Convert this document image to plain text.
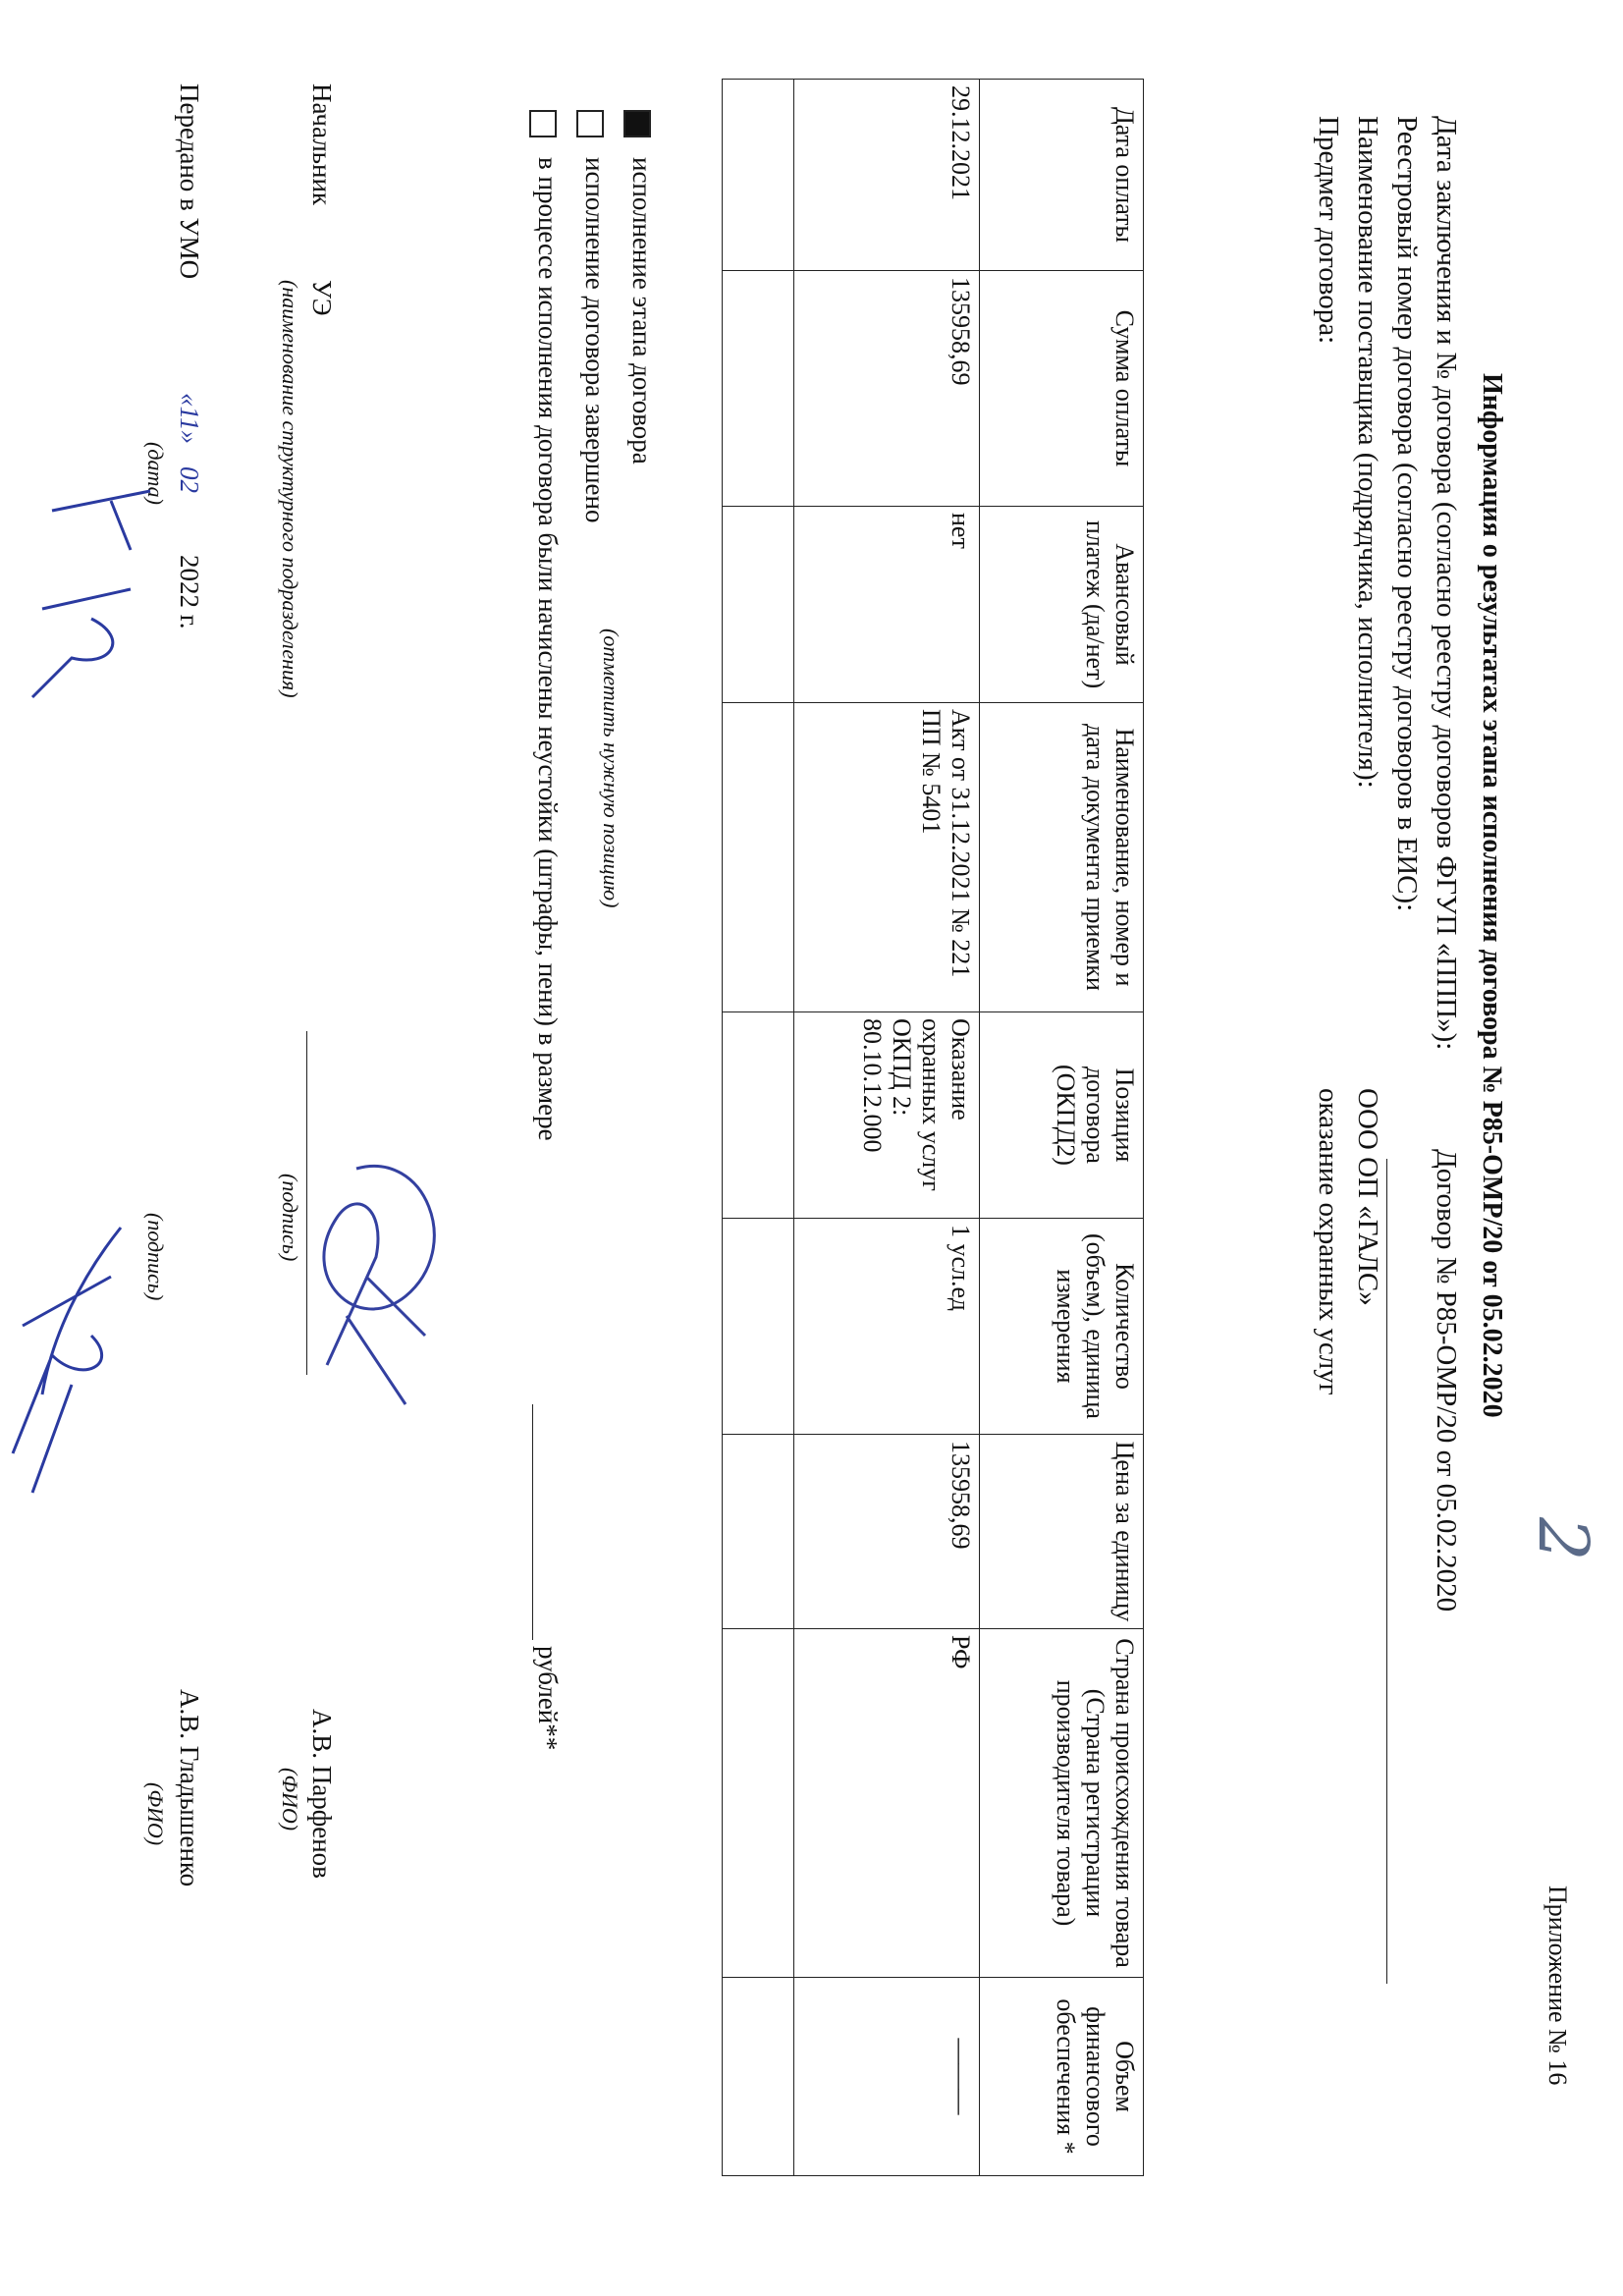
Приложение № 16
2
Информация о результатах этапа исполнения договора № Р85-ОМР/20 от 05.02.2020
Дата заключения и № договора (согласно реестру договоров ФГУП «ППП»):
Договор № Р85-ОМР/20 от 05.02.2020
Реестровый номер договора (согласно реестру договоров в ЕИС):
Наименование поставщика (подрядчика, исполнителя):
ООО ОП «ГАЛС»
Предмет договора:
оказание охранных услуг
Дата оплаты	Сумма оплаты	Авансовый платеж (да/нет)	Наименование, номер и дата документа приемки	Позиция договора (ОКПД2)	Количество (объем), единица измерения	Цена за единицу	Страна происхождения товара (Страна регистрации производителя товара)	Объем финансового обеспечения *
29.12.2021	135958,69	нет	Акт от 31.12.2021 № 221 ПП № 5401	Оказание охранных услуг ОКПД 2: 80.10.12.000	1 усл.ед	135958,69	РФ	———

исполнение этапа договора
(отметить нужную позицию)
исполнение договора завершено
в процессе исполнения договора были начислены неустойки (штрафы, пени) в размере
рублей**
Начальник
УЭ
(наименование структурного подразделения)
(подпись)
А.В. Парфенов
(ФИО)
Передано в УМО
«11»
02
2022 г.
(дата)
(подпись)
А.В. Гладышенко
(ФИО)
